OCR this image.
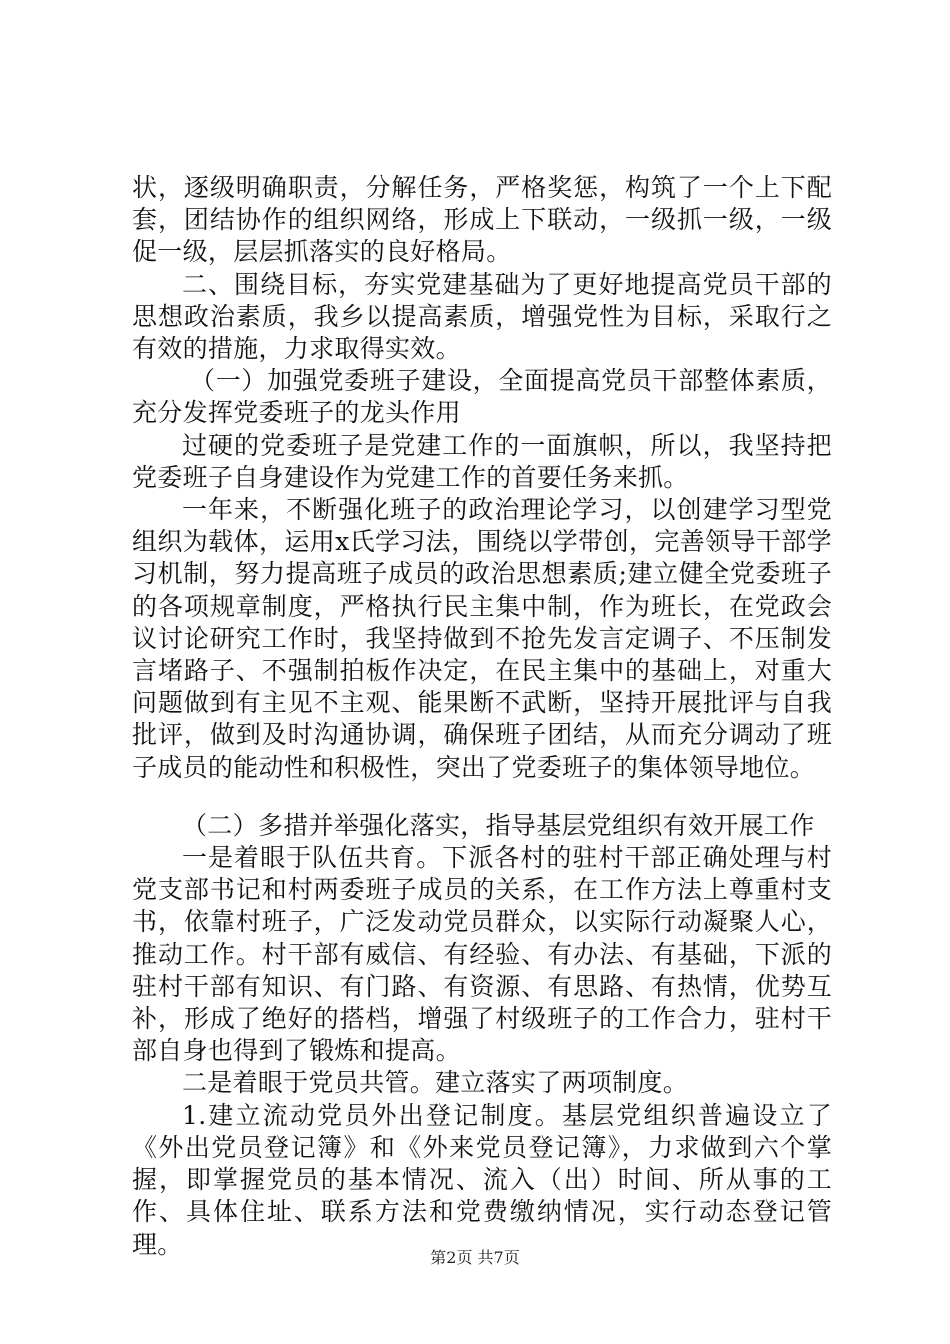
状，逐级明确职责，分解任务，严格奖惩，构筑了一个上下配套，团结协作的组织网络，形成上下联动，一级抓一级，一级促一级，层层抓落实的良好格局。

二、围绕目标，夯实党建基础为了更好地提高党员干部的思想政治素质，我乡以提高素质，增强党性为目标，采取行之有效的措施，力求取得实效。

（一）加强党委班子建设，全面提高党员干部整体素质，充分发挥党委班子的龙头作用

过硬的党委班子是党建工作的一面旗帜，所以，我坚持把党委班子自身建设作为党建工作的首要任务来抓。

一年来，不断强化班子的政治理论学习，以创建学习型党组织为载体，运用x氏学习法，围绕以学带创，完善领导干部学习机制，努力提高班子成员的政治思想素质;建立健全党委班子的各项规章制度，严格执行民主集中制，作为班长，在党政会议讨论研究工作时，我坚持做到不抢先发言定调子、不压制发言堵路子、不强制拍板作决定，在民主集中的基础上，对重大问题做到有主见不主观、能果断不武断，坚持开展批评与自我批评，做到及时沟通协调，确保班子团结，从而充分调动了班子成员的能动性和积极性，突出了党委班子的集体领导地位。

（二）多措并举强化落实，指导基层党组织有效开展工作

一是着眼于队伍共育。下派各村的驻村干部正确处理与村党支部书记和村两委班子成员的关系，在工作方法上尊重村支书，依靠村班子，广泛发动党员群众，以实际行动凝聚人心，推动工作。村干部有威信、有经验、有办法、有基础，下派的驻村干部有知识、有门路、有资源、有思路、有热情，优势互补，形成了绝好的搭档，增强了村级班子的工作合力，驻村干部自身也得到了锻炼和提高。

二是着眼于党员共管。建立落实了两项制度。

1.建立流动党员外出登记制度。基层党组织普遍设立了《外出党员登记簿》和《外来党员登记簿》，力求做到六个掌握，即掌握党员的基本情况、流入（出）时间、所从事的工作、具体住址、联系方法和党费缴纳情况，实行动态登记管理。	第2页 共7页
